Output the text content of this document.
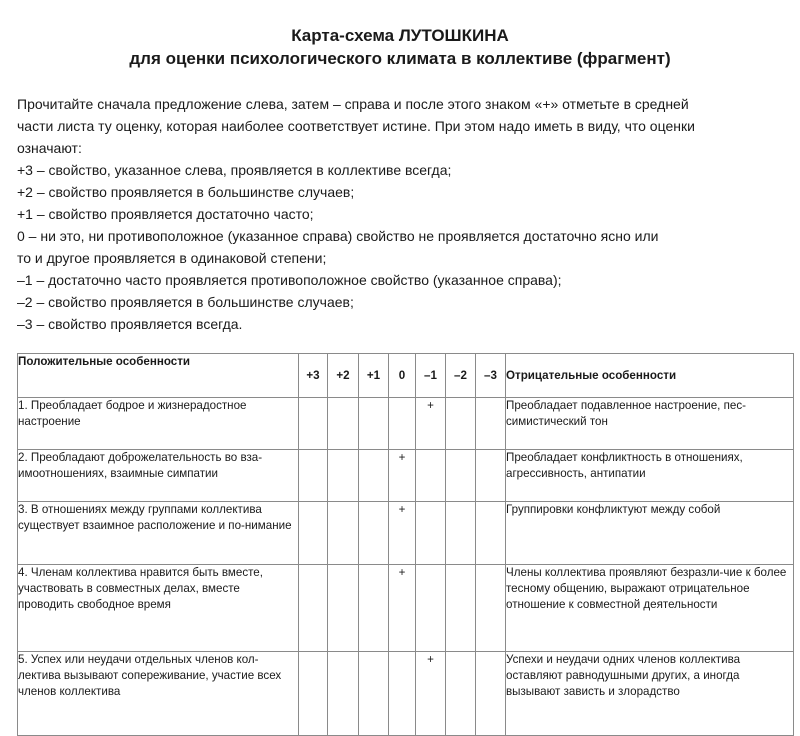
Карта-схема ЛУТОШКИНА
для оценки психологического климата в коллективе (фрагмент)

Прочитайте сначала предложение слева, затем – справа и после этого знаком «+» отметьте в средней

части листа ту оценку, которая наиболее соответствует истине. При этом надо иметь в виду, что оценки

означают:

+3 – свойство, указанное слева, проявляется в коллективе всегда;

+2 – свойство проявляется в большинстве случаев;

+1 – свойство проявляется достаточно часто;

0 – ни это, ни противоположное (указанное справа) свойство не проявляется достаточно ясно или

то и другое проявляется в одинаковой степени;

–1 – достаточно часто проявляется противоположное свойство (указанное справа);

–2 – свойство проявляется в большинстве случаев;

–3 – свойство проявляется всегда.

Положительные особенности	+3	+2	+1	0	–1	–2	–3	Отрицательные особенности
1. Преобладает бодрое и жизнерадостное настроение					+			Преобладает подавленное настроение, пес-симистический тон
2. Преобладают доброжелательность во вза-имоотношениях, взаимные симпатии				+				Преобладает конфликтность в отношениях, агрессивность, антипатии
3. В отношениях между группами коллектива существует взаимное расположение и по-нимание				+				Группировки конфликтуют между собой
4. Членам коллектива нравится быть вместе, участвовать в совместных делах, вместе проводить свободное время				+				Члены коллектива проявляют безразли-чие к более тесному общению, выражают отрицательное отношение к совместной деятельности
5. Успех или неудачи отдельных членов кол-лектива вызывают сопереживание, участие всех членов коллектива					+			Успехи и неудачи одних членов коллектива оставляют равнодушными других, а иногда вызывают зависть и злорадство
